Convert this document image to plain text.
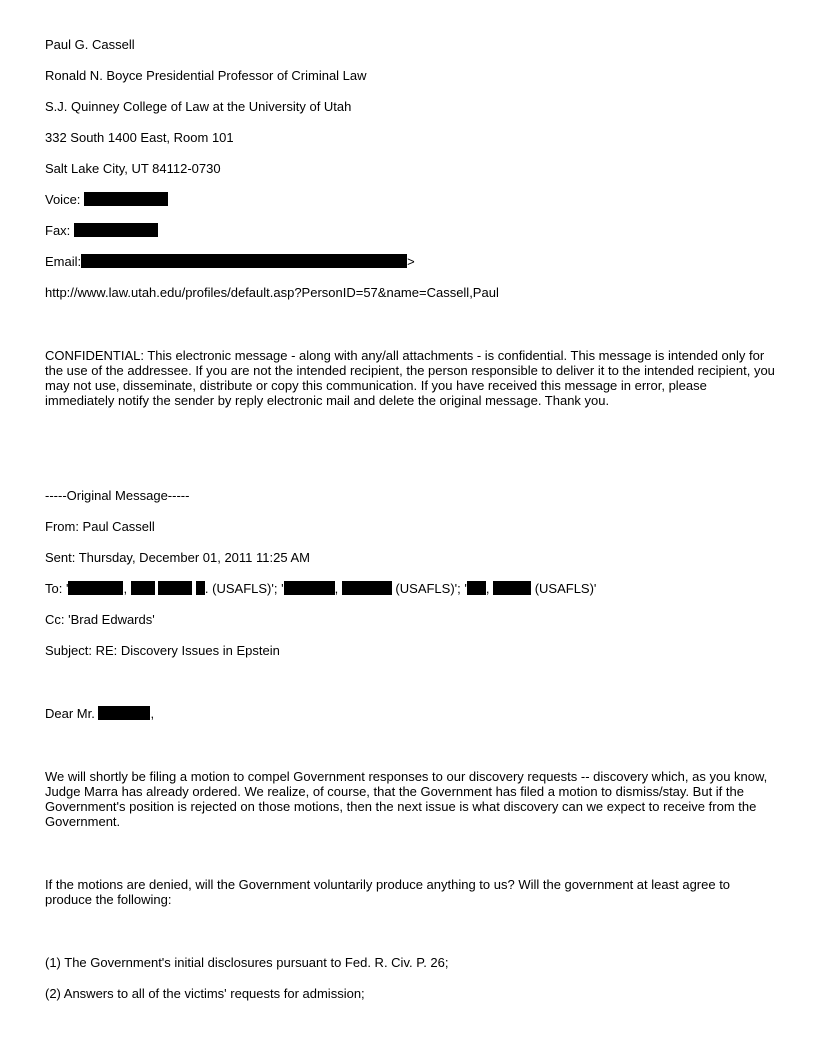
Paul G. Cassell
Ronald N. Boyce Presidential Professor of Criminal Law
S.J. Quinney College of Law at the University of Utah
332 South 1400 East, Room 101
Salt Lake City, UT 84112-0730
Voice:
Fax:
Email:	>
http://www.law.utah.edu/profiles/default.asp?PersonID=57&name=Cassell,Paul
CONFIDENTIAL: This electronic message - along with any/all attachments - is confidential. This message is intended only for the use of the addressee. If you are not the intended recipient, the person responsible to deliver it to the intended recipient, you may not use, disseminate, distribute or copy this communication. If you have received this message in error, please immediately notify the sender by reply electronic mail and delete the original message. Thank you.
-----Original Message-----
From: Paul Cassell
Sent: Thursday, December 01, 2011 11:25 AM
To: '	,	. (USAFLS)'; '	,	(USAFLS)'; ' ,	(USAFLS)'
Cc: 'Brad Edwards'
Subject: RE: Discovery Issues in Epstein
Dear Mr.	,
We will shortly be filing a motion to compel Government responses to our discovery requests -- discovery which, as you know, Judge Marra has already ordered. We realize, of course, that the Government has filed a motion to dismiss/stay. But if the Government's position is rejected on those motions, then the next issue is what discovery can we expect to receive from the Government.
If the motions are denied, will the Government voluntarily produce anything to us? Will the government at least agree to produce the following:
(1) The Government's initial disclosures pursuant to Fed. R. Civ. P. 26;
(2) Answers to all of the victims' requests for admission;
